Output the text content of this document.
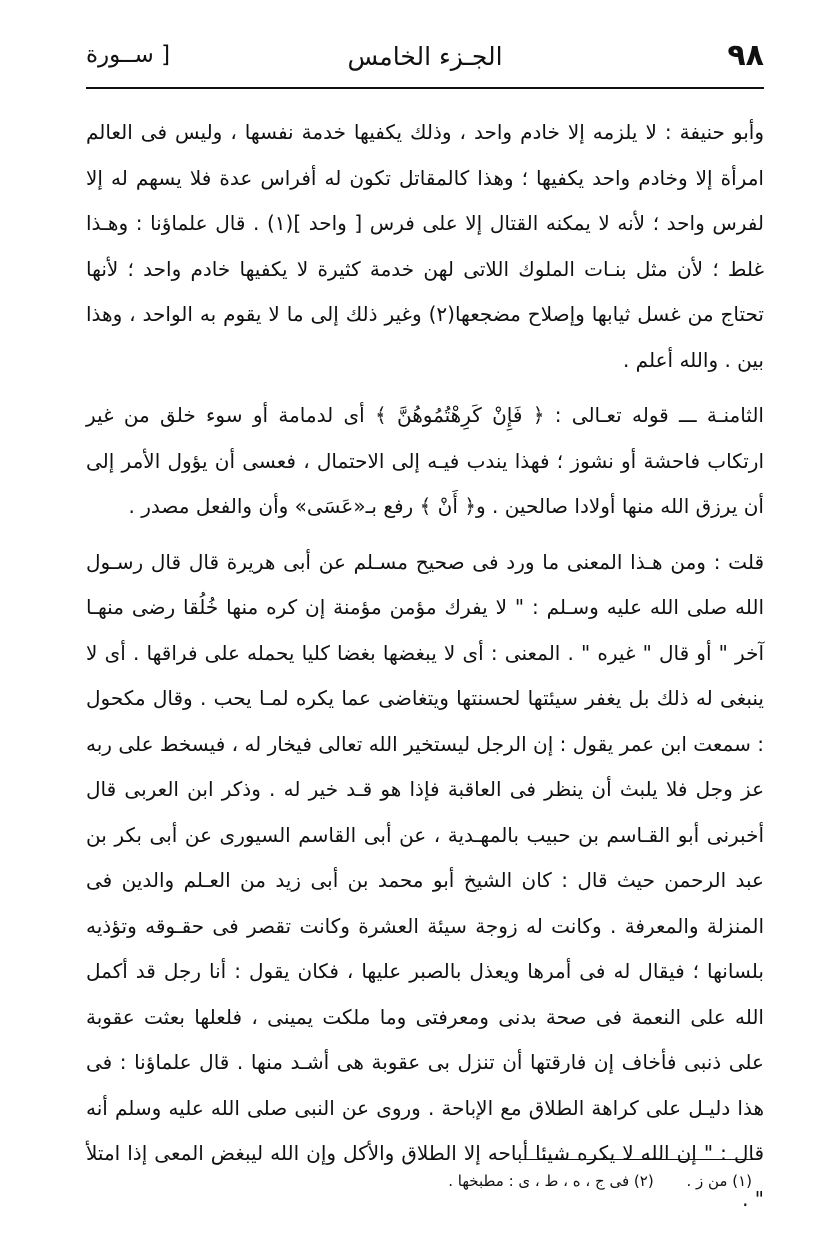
٩٨
الجـزء الخامس
[ ســورة

وأبو حنيفة : لا يلزمه إلا خادم واحد ، وذلك يكفيها خدمة نفسها ، وليس فى العالم امرأة إلا وخادم واحد يكفيها ؛ وهذا كالمقاتل تكون له أفراس عدة فلا يسهم له إلا لفرس واحد ؛ لأنه لا يمكنه القتال إلا على فرس [ واحد ](١) . قال علماؤنا : وهـذا غلط ؛ لأن مثل بنـات الملوك اللاتى لهن خدمة كثيرة لا يكفيها خادم واحد ؛ لأنها تحتاج من غسل ثيابها وإصلاح مضجعها(٢) وغير ذلك إلى ما لا يقوم به الواحد ، وهذا بين . والله أعلم .

الثامنـة ـــ قوله تعـالى : ﴿ فَإِنْ كَرِهْتُمُوهُنَّ ﴾ أى لدمامة أو سوء خلق من غير ارتكاب فاحشة أو نشوز ؛ فهذا يندب فيـه إلى الاحتمال ، فعسى أن يؤول الأمر إلى أن يرزق الله منها أولادا صالحين . و﴿ أَنْ ﴾ رفع بـ«عَسَى» وأن والفعل مصدر .

قلت : ومن هـذا المعنى ما ورد فى صحيح مسـلم عن أبى هريرة قال قال رسـول الله صلى الله عليه وسـلم : " لا يفرك مؤمن مؤمنة إن كره منها خُلُقا رضى منهـا آخر " أو قال " غيره " . المعنى : أى لا يبغضها بغضا كليا يحمله على فراقها . أى لا ينبغى له ذلك بل يغفر سيئتها لحسنتها ويتغاضى عما يكره لمـا يحب . وقال مكحول : سمعت ابن عمر يقول : إن الرجل ليستخير الله تعالى فيخار له ، فيسخط على ربه عز وجل فلا يلبث أن ينظر فى العاقبة فإذا هو قـد خير له . وذكر ابن العربى قال أخبرنى أبو القـاسم بن حبيب بالمهـدية ، عن أبى القاسم السيورى عن أبى بكر بن عبد الرحمن حيث قال : كان الشيخ أبو محمد بن أبى زيد من العـلم والدين فى المنزلة والمعرفة . وكانت له زوجة سيئة العشرة وكانت تقصر فى حقـوقه وتؤذيه بلسانها ؛ فيقال له فى أمرها ويعذل بالصبر عليها ، فكان يقول : أنا رجل قد أكمل الله على النعمة فى صحة بدنى ومعرفتى وما ملكت يمينى ، فلعلها بعثت عقوبة على ذنبى فأخاف إن فارقتها أن تنزل بى عقوبة هى أشـد منها . قال علماؤنا : فى هذا دليـل على كراهة الطلاق مع الإباحة . وروى عن النبى صلى الله عليه وسلم أنه قال : " إن الله لا يكره شيئا أباحه إلا الطلاق والأكل وإن الله ليبغض المعى إذا امتلأ " .

(١) من ز . (٢) فى ج ، ه ، ط ، ى : مطبخها .
